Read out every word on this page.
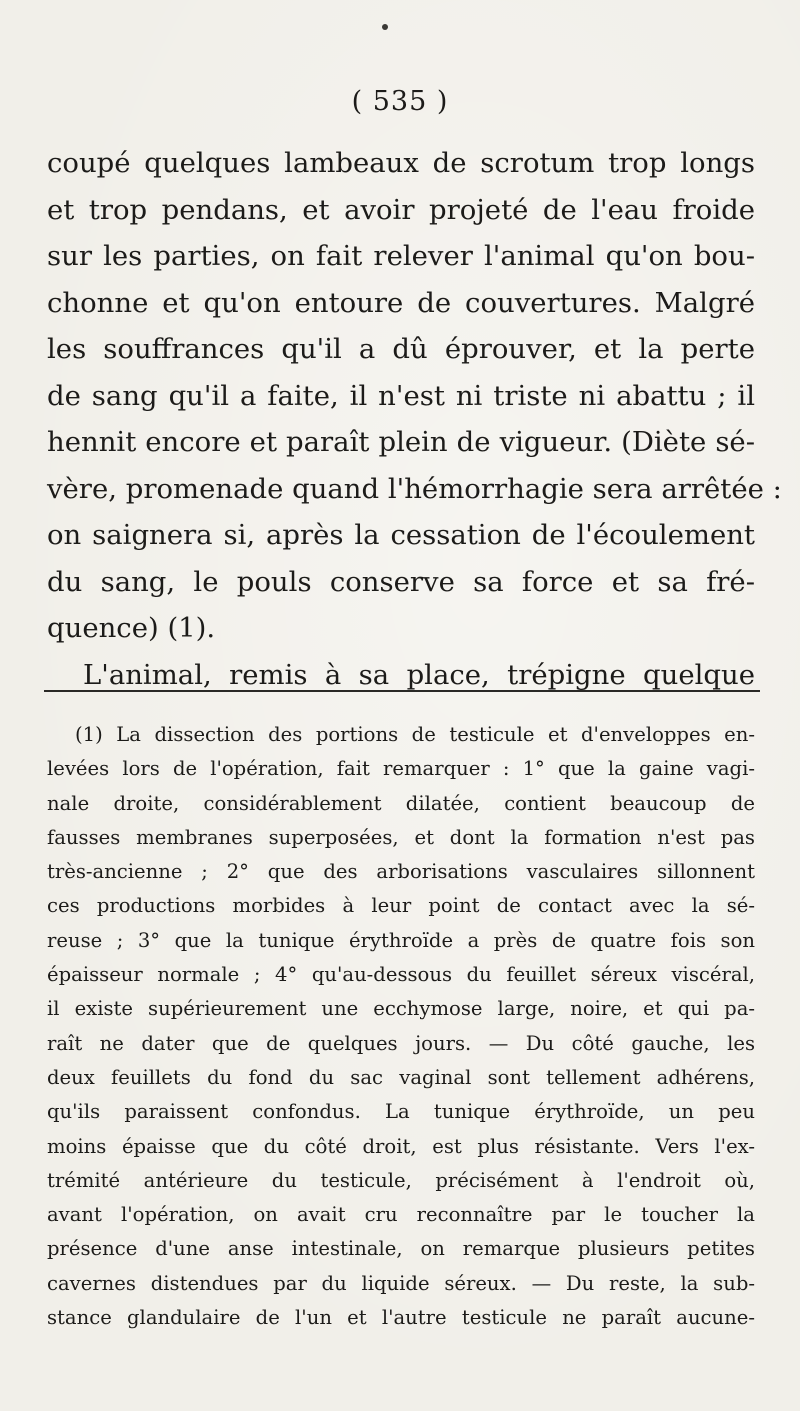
( 535 )
coupé quelques lambeaux de scrotum trop longs
et trop pendans, et avoir projeté de l'eau froide
sur les parties, on fait relever l'animal qu'on bou-
chonne et qu'on entoure de couvertures. Malgré
les souffrances qu'il a dû éprouver, et la perte
de sang qu'il a faite, il n'est ni triste ni abattu ; il
hennit encore et paraît plein de vigueur. (Diète sé-
vère, promenade quand l'hémorrhagie sera arrêtée :
on saignera si, après la cessation de l'écoulement
du sang, le pouls conserve sa force et sa fré-
quence) (1).
L'animal, remis à sa place, trépigne quelque
(1) La dissection des portions de testicule et d'enveloppes en-
levées lors de l'opération, fait remarquer : 1° que la gaine vagi-
nale droite, considérablement dilatée, contient beaucoup de
fausses membranes superposées, et dont la formation n'est pas
très-ancienne ; 2° que des arborisations vasculaires sillonnent
ces productions morbides à leur point de contact avec la sé-
reuse ; 3° que la tunique érythroïde a près de quatre fois son
épaisseur normale ; 4° qu'au-dessous du feuillet séreux viscéral,
il existe supérieurement une ecchymose large, noire, et qui pa-
raît ne dater que de quelques jours. — Du côté gauche, les
deux feuillets du fond du sac vaginal sont tellement adhérens,
qu'ils paraissent confondus. La tunique érythroïde, un peu
moins épaisse que du côté droit, est plus résistante. Vers l'ex-
trémité antérieure du testicule, précisément à l'endroit où,
avant l'opération, on avait cru reconnaître par le toucher la
présence d'une anse intestinale, on remarque plusieurs petites
cavernes distendues par du liquide séreux. — Du reste, la sub-
stance glandulaire de l'un et l'autre testicule ne paraît aucune-
